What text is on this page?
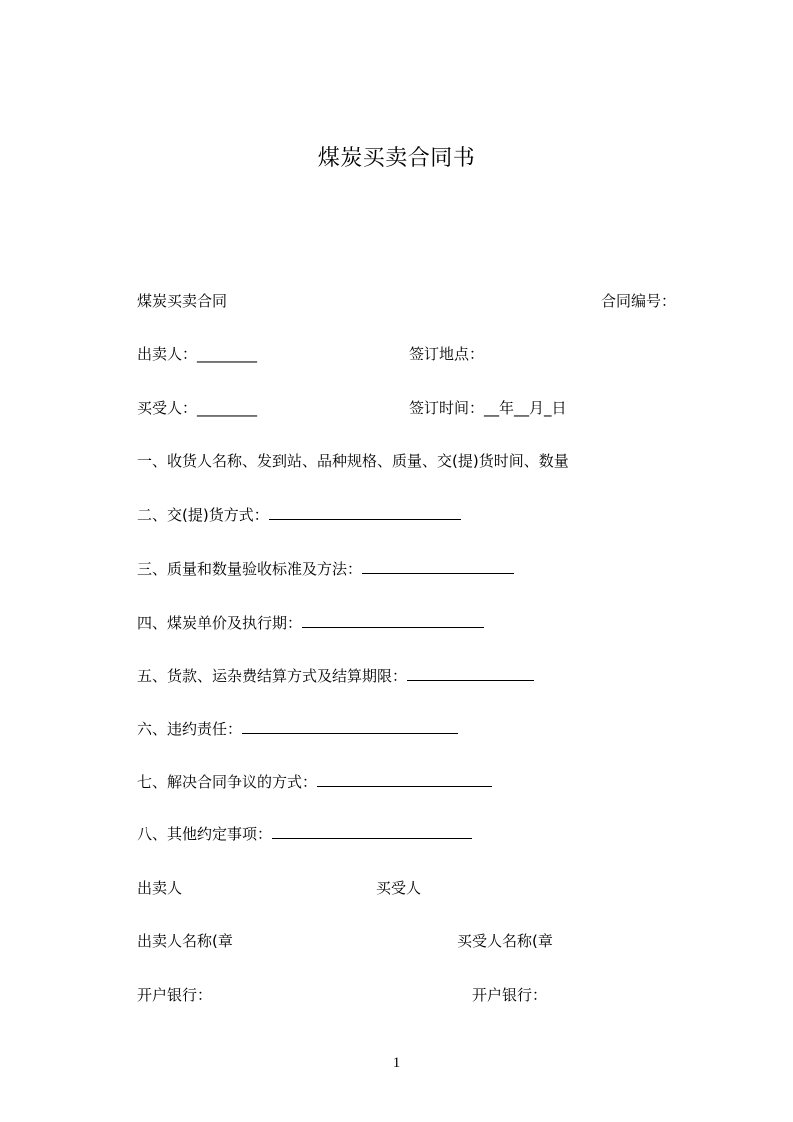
煤炭买卖合同书
煤炭买卖合同	合同编号：
出卖人：________	签订地点：
买受人：________	签订时间：__年__月_日
一、收货人名称、发到站、品种规格、质量、交(提)货时间、数量
二、交(提)货方式：
三、质量和数量验收标准及方法：
四、煤炭单价及执行期：
五、货款、运杂费结算方式及结算期限：
六、违约责任：
七、解决合同争议的方式：
八、其他约定事项：
出卖人	买受人
出卖人名称(章	买受人名称(章
开户银行：	开户银行：
1
